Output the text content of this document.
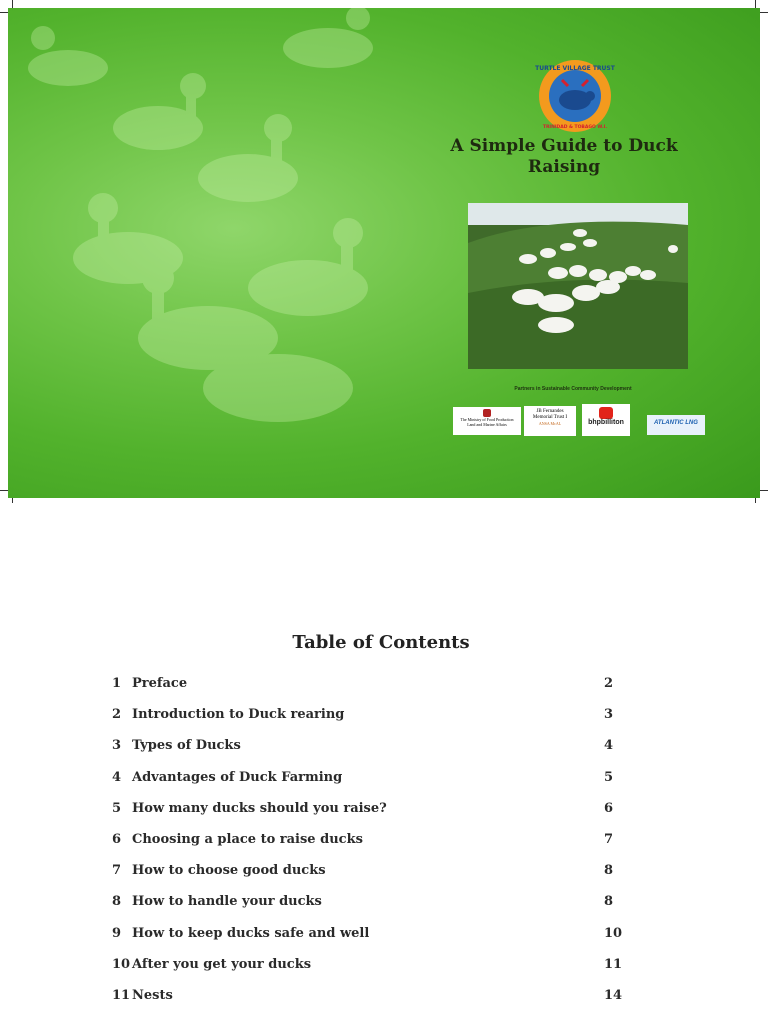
TURTLE VILLAGE TRUST
TRINIDAD & TOBAGO W.I.
A Simple Guide to Duck Raising
Partners in Sustainable Community Development
The Ministry of Food Production
Land and Marine Affairs
JB Fernandes
Memorial Trust I
ANSA McAL	bhpbilliton	ATLANTIC LNG
Table of Contents
1 Preface	2
2 Introduction to Duck rearing	3
3 Types of Ducks	4
4 Advantages of Duck Farming	5
5 How many ducks should you raise?	6
6 Choosing a place to raise ducks	7
7 How to choose good ducks	8
8 How to handle your ducks	8
9 How to keep ducks safe and well	10
10 After you get your ducks	11
11 Nests	14
